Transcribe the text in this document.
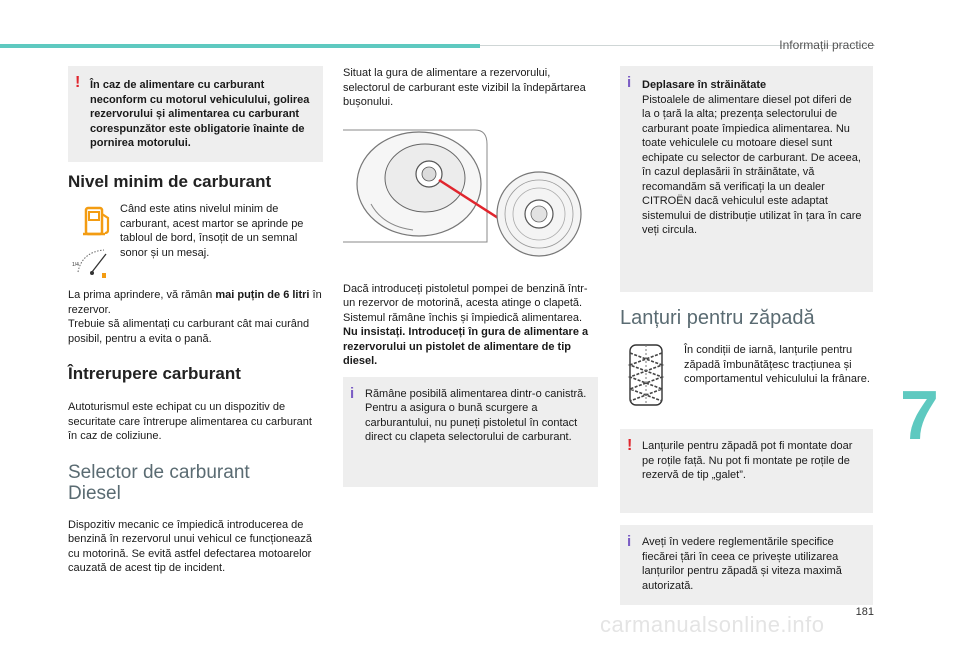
Informații practice
! În caz de alimentare cu carburant neconform cu motorul vehiculului, golirea rezervorului și alimentarea cu carburant corespunzător este obligatorie înainte de pornirea motorului.
Nivel minim de carburant
1/4
Când este atins nivelul minim de carburant, acest martor se aprinde pe tabloul de bord, însoțit de un semnal sonor și un mesaj.

La prima aprindere, vă rămân mai puțin de 6 litri în rezervor.

Trebuie să alimentați cu carburant cât mai curând posibil, pentru a evita o pană.

Întrerupere carburant

Autoturismul este echipat cu un dispozitiv de securitate care întrerupe alimentarea cu carburant în caz de coliziune.

Selector de carburant Diesel

Dispozitiv mecanic ce împiedică introducerea de benzină în rezervorul unui vehicul ce funcționează cu motorină. Se evită astfel defectarea motoarelor cauzată de acest tip de incident.

Situat la gura de alimentare a rezervorului, selectorul de carburant este vizibil la îndepărtarea bușonului.

Dacă introduceți pistoletul pompei de benzină într-un rezervor de motorină, acesta atinge o clapetă. Sistemul rămâne închis și împiedică alimentarea.

Nu insistați. Introduceți în gura de alimentare a rezervorului un pistolet de alimentare de tip diesel.

i Rămâne posibilă alimentarea dintr-o canistră.
Pentru a asigura o bună scurgere a carburantului, nu puneți pistoletul în contact direct cu clapeta selectorului de carburant.
i Deplasare în străinătate
Pistoalele de alimentare diesel pot diferi de la o țară la alta; prezența selectorului de carburant poate împiedica alimentarea. Nu toate vehiculele cu motoare diesel sunt echipate cu selector de carburant. De aceea, în cazul deplasării în străinătate, vă recomandăm să verificați la un dealer CITROËN dacă vehiculul este adaptat sistemului de distribuție utilizat în țara în care veți circula.
Lanțuri pentru zăpadă
În condiții de iarnă, lanțurile pentru zăpadă îmbunătățesc tracțiunea și comportamentul vehiculului la frânare.
! Lanțurile pentru zăpadă pot fi montate doar pe roțile față. Nu pot fi montate pe roțile de rezervă de tip „galet”.
i Aveți în vedere reglementările specifice fiecărei țări în ceea ce privește utilizarea lanțurilor pentru zăpadă și viteza maximă autorizată.
7
181
carmanualsonline.info
